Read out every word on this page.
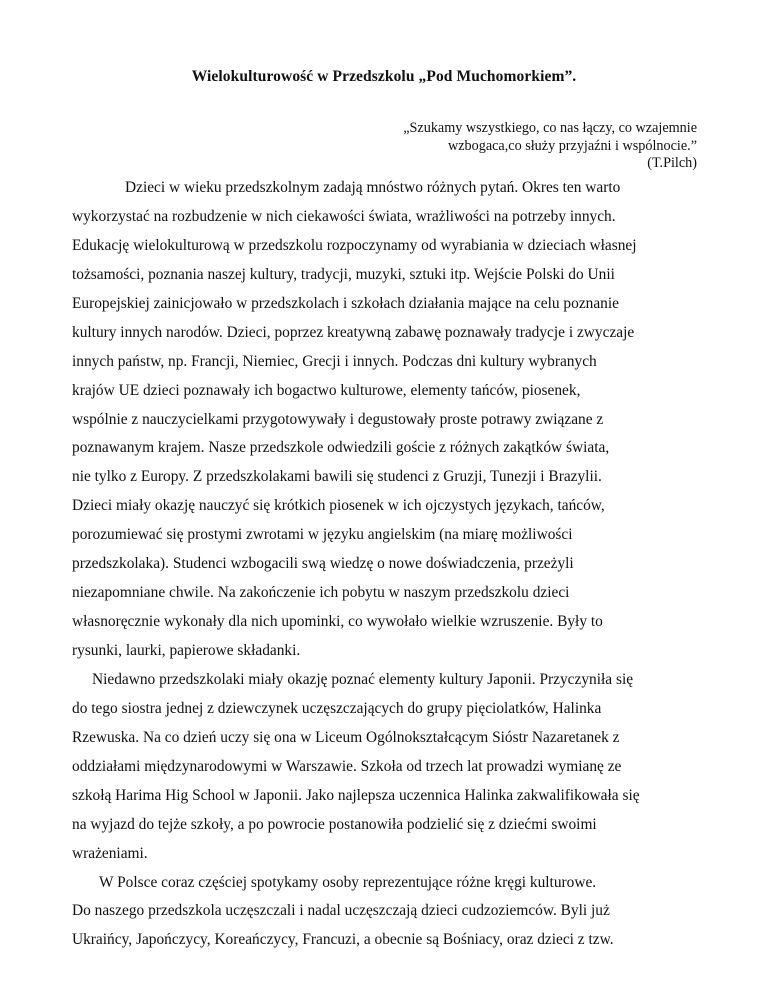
Wielokulturowość w Przedszkolu „Pod Muchomorkiem”.
„Szukamy wszystkiego, co nas łączy, co wzajemnie
wzbogaca,co służy przyjaźni i wspólnocie.”
(T.Pilch)
Dzieci w wieku przedszkolnym zadają mnóstwo różnych pytań. Okres ten warto
wykorzystać na rozbudzenie w nich ciekawości świata, wrażliwości na potrzeby innych.
Edukację wielokulturową w przedszkolu rozpoczynamy od wyrabiania w dzieciach własnej
tożsamości, poznania naszej kultury, tradycji, muzyki, sztuki itp. Wejście Polski do Unii
Europejskiej zainicjowało w przedszkolach i szkołach działania mające na celu poznanie
kultury innych narodów. Dzieci, poprzez kreatywną zabawę poznawały tradycje i zwyczaje
innych państw, np. Francji, Niemiec, Grecji i innych. Podczas dni kultury wybranych
krajów UE dzieci poznawały ich bogactwo kulturowe, elementy tańców, piosenek,
wspólnie z nauczycielkami przygotowywały i degustowały proste potrawy związane z
poznawanym krajem. Nasze przedszkole odwiedzili goście z różnych zakątków świata,
nie tylko z Europy. Z przedszkolakami bawili się studenci z Gruzji, Tunezji i Brazylii.
Dzieci miały okazję nauczyć się krótkich piosenek w ich ojczystych językach, tańców,
porozumiewać się prostymi zwrotami w języku angielskim (na miarę możliwości
przedszkolaka). Studenci wzbogacili swą wiedzę o nowe doświadczenia, przeżyli
niezapomniane chwile. Na zakończenie ich pobytu w naszym przedszkolu dzieci
własnoręcznie wykonały dla nich upominki, co wywołało wielkie wzruszenie. Były to
rysunki, laurki, papierowe składanki.
Niedawno przedszkolaki miały okazję poznać elementy kultury Japonii. Przyczyniła się
do tego siostra jednej z dziewczynek uczęszczających do grupy pięciolatków, Halinka
Rzewuska. Na co dzień uczy się ona w Liceum Ogólnokształcącym Sióstr Nazaretanek z
oddziałami międzynarodowymi w Warszawie. Szkoła od trzech lat prowadzi wymianę ze
szkołą Harima Hig School w Japonii. Jako najlepsza uczennica Halinka zakwalifikowała się
na wyjazd do tejże szkoły, a po powrocie postanowiła podzielić się z dziećmi swoimi
wrażeniami.
W Polsce coraz częściej spotykamy osoby reprezentujące różne kręgi kulturowe.
Do naszego przedszkola uczęszczali i nadal uczęszczają dzieci cudzoziemców. Byli już
Ukraińcy, Japończycy, Koreańczycy, Francuzi, a obecnie są Bośniacy, oraz dzieci z tzw.
